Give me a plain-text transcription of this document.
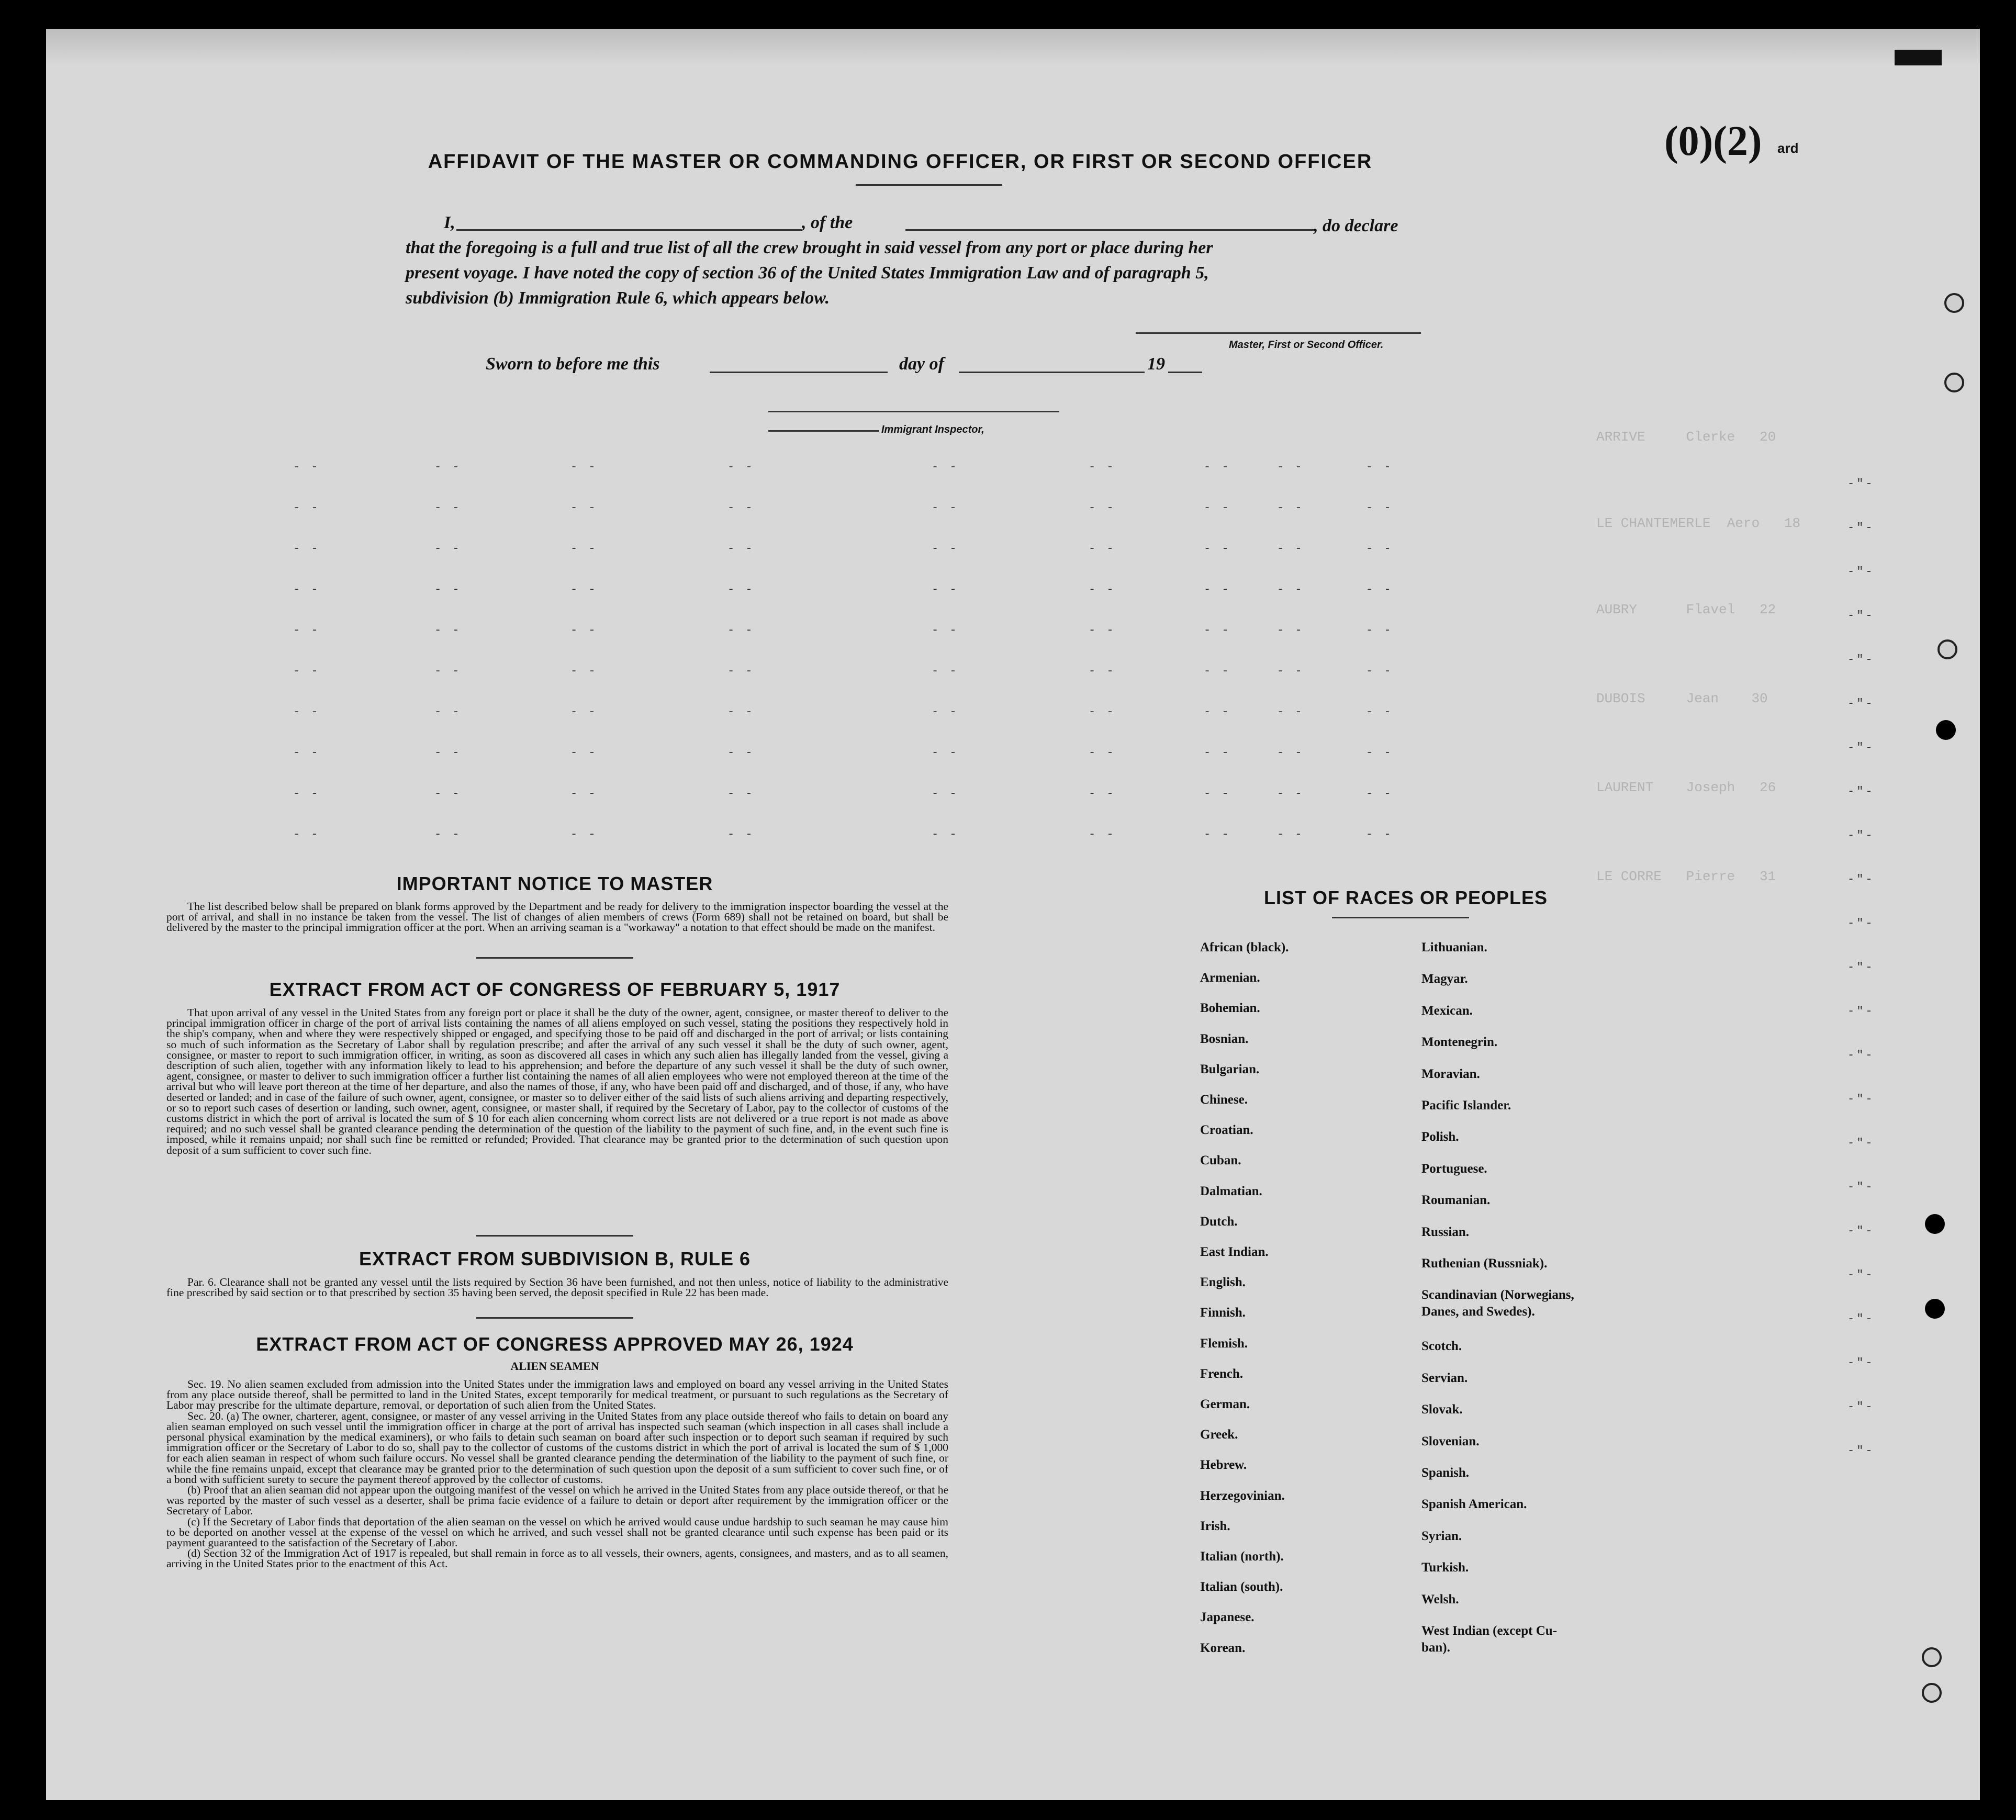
ARRIVE     Clerke   20
LE CHANTEMERLE  Aero   18
AUBRY      Flavel   22
DUBOIS     Jean    30
LAURENT    Joseph   26
LE CORRE   Pierre   31
(0)(2) ard
AFFIDAVIT OF THE MASTER OR COMMANDING OFFICER, OR FIRST OR SECOND OFFICER
I,	, of the	, do declare
that the foregoing is a full and true list of all the crew brought in said vessel from any port or place during her
present voyage. I have noted the copy of section 36 of the United States Immigration Law and of paragraph 5,
subdivision (b) Immigration Rule 6, which appears below.
Master, First or Second Officer.
Sworn to before me this	day of	19
Immigrant Inspector,
- -	- -	- -	- -	- -	- -	- -	- -	- -
- -	- -	- -	- -	- -	- -	- -	- -	- -
- -	- -	- -	- -	- -	- -	- -	- -	- -
- -	- -	- -	- -	- -	- -	- -	- -	- -
- -	- -	- -	- -	- -	- -	- -	- -	- -
- -	- -	- -	- -	- -	- -	- -	- -	- -
- -	- -	- -	- -	- -	- -	- -	- -	- -
- -	- -	- -	- -	- -	- -	- -	- -	- -
- -	- -	- -	- -	- -	- -	- -	- -	- -
- -	- -	- -	- -	- -	- -	- -	- -	- -
-"-
-"-
-"-
-"-
-"-
-"-
-"-
-"-
-"-
-"-
-"-
-"-
-"-
-"-
-"-
-"-
-"-
-"-
-"-
-"-
-"-
-"-
-"-
IMPORTANT NOTICE TO MASTER

The list described below shall be prepared on blank forms approved by the Department and be ready for delivery to the immigration inspector boarding the vessel at the port of arrival, and shall in no instance be taken from the vessel. The list of changes of alien members of crews (Form 689) shall not be retained on board, but shall be delivered by the master to the principal immigration officer at the port. When an arriving seaman is a "workaway" a notation to that effect should be made on the manifest.

EXTRACT FROM ACT OF CONGRESS OF FEBRUARY 5, 1917

That upon arrival of any vessel in the United States from any foreign port or place it shall be the duty of the owner, agent, consignee, or master thereof to deliver to the principal immigration officer in charge of the port of arrival lists containing the names of all aliens employed on such vessel, stating the positions they respectively hold in the ship's company, when and where they were respectively shipped or engaged, and specifying those to be paid off and discharged in the port of arrival; or lists containing so much of such information as the Secretary of Labor shall by regulation prescribe; and after the arrival of any such vessel it shall be the duty of such owner, agent, consignee, or master to report to such immigration officer, in writing, as soon as discovered all cases in which any such alien has illegally landed from the vessel, giving a description of such alien, together with any information likely to lead to his apprehension; and before the departure of any such vessel it shall be the duty of such owner, agent, consignee, or master to deliver to such immigration officer a further list containing the names of all alien employees who were not employed thereon at the time of the arrival but who will leave port thereon at the time of her departure, and also the names of those, if any, who have been paid off and discharged, and of those, if any, who have deserted or landed; and in case of the failure of such owner, agent, consignee, or master so to deliver either of the said lists of such aliens arriving and departing respectively, or so to report such cases of desertion or landing, such owner, agent, consignee, or master shall, if required by the Secretary of Labor, pay to the collector of customs of the customs district in which the port of arrival is located the sum of $ 10 for each alien concerning whom correct lists are not delivered or a true report is not made as above required; and no such vessel shall be granted clearance pending the determination of the question of the liability to the payment of such fine, and, in the event such fine is imposed, while it remains unpaid; nor shall such fine be remitted or refunded; Provided. That clearance may be granted prior to the determination of such question upon deposit of a sum sufficient to cover such fine.

EXTRACT FROM SUBDIVISION B, RULE 6

Par. 6. Clearance shall not be granted any vessel until the lists required by Section 36 have been furnished, and not then unless, notice of liability to the administrative fine prescribed by said section or to that prescribed by section 35 having been served, the deposit specified in Rule 22 has been made.

EXTRACT FROM ACT OF CONGRESS APPROVED MAY 26, 1924
ALIEN SEAMEN

Sec. 19. No alien seamen excluded from admission into the United States under the immigration laws and employed on board any vessel arriving in the United States from any place outside thereof, shall be permitted to land in the United States, except temporarily for medical treatment, or pursuant to such regulations as the Secretary of Labor may prescribe for the ultimate departure, removal, or deportation of such alien from the United States.

Sec. 20. (a) The owner, charterer, agent, consignee, or master of any vessel arriving in the United States from any place outside thereof who fails to detain on board any alien seaman employed on such vessel until the immigration officer in charge at the port of arrival has inspected such seaman (which inspection in all cases shall include a personal physical examination by the medical examiners), or who fails to detain such seaman on board after such inspection or to deport such seaman if required by such immigration officer or the Secretary of Labor to do so, shall pay to the collector of customs of the customs district in which the port of arrival is located the sum of $ 1,000 for each alien seaman in respect of whom such failure occurs. No vessel shall be granted clearance pending the determination of the liability to the payment of such fine, or while the fine remains unpaid, except that clearance may be granted prior to the determination of such question upon the deposit of a sum sufficient to cover such fine, or of a bond with sufficient surety to secure the payment thereof approved by the collector of customs.

(b) Proof that an alien seaman did not appear upon the outgoing manifest of the vessel on which he arrived in the United States from any place outside thereof, or that he was reported by the master of such vessel as a deserter, shall be prima facie evidence of a failure to detain or deport after requirement by the immigration officer or the Secretary of Labor.

(c) If the Secretary of Labor finds that deportation of the alien seaman on the vessel on which he arrived would cause undue hardship to such seaman he may cause him to be deported on another vessel at the expense of the vessel on which he arrived, and such vessel shall not be granted clearance until such expense has been paid or its payment guaranteed to the satisfaction of the Secretary of Labor.

(d) Section 32 of the Immigration Act of 1917 is repealed, but shall remain in force as to all vessels, their owners, agents, consignees, and masters, and as to all seamen, arriving in the United States prior to the enactment of this Act.

LIST OF RACES OR PEOPLES
African (black).
Armenian.
Bohemian.
Bosnian.
Bulgarian.
Chinese.
Croatian.
Cuban.
Dalmatian.
Dutch.
East Indian.
English.
Finnish.
Flemish.
French.
German.
Greek.
Hebrew.
Herzegovinian.
Irish.
Italian (north).
Italian (south).
Japanese.
Korean.
Lithuanian.
Magyar.
Mexican.
Montenegrin.
Moravian.
Pacific Islander.
Polish.
Portuguese.
Roumanian.
Russian.
Ruthenian (Russniak).
Scandinavian (Norwegians,
Danes, and Swedes).
Scotch.
Servian.
Slovak.
Slovenian.
Spanish.
Spanish American.
Syrian.
Turkish.
Welsh.
West Indian (except Cu-
ban).
